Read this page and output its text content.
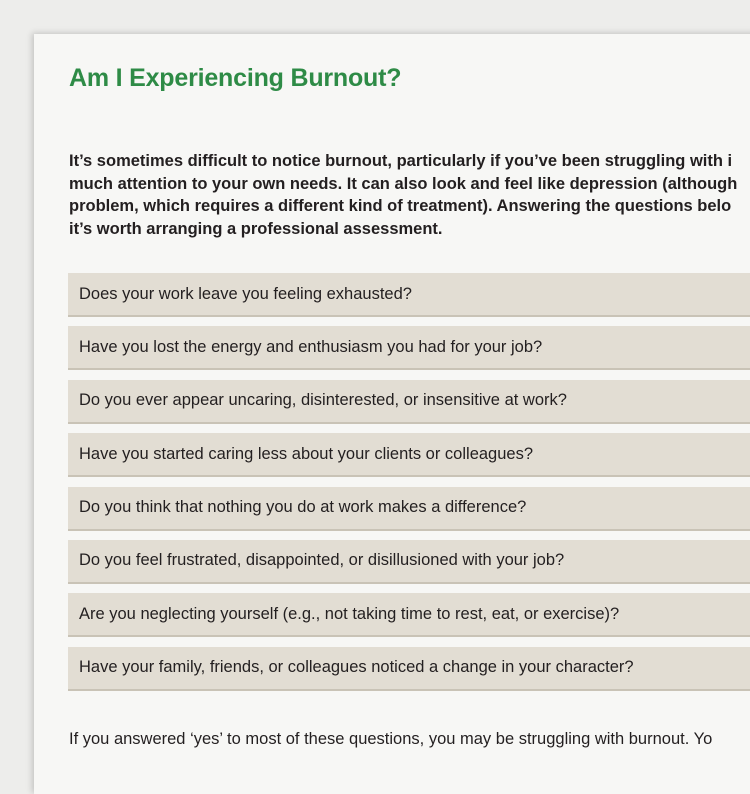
Am I Experiencing Burnout?
It’s sometimes difficult to notice burnout, particularly if you’ve been struggling with i
much attention to your own needs. It can also look and feel like depression (although
problem, which requires a different kind of treatment). Answering the questions belo
it’s worth arranging a professional assessment.
Does your work leave you feeling exhausted?
Have you lost the energy and enthusiasm you had for your job?
Do you ever appear uncaring, disinterested, or insensitive at work?
Have you started caring less about your clients or colleagues?
Do you think that nothing you do at work makes a difference?
Do you feel frustrated, disappointed, or disillusioned with your job?
Are you neglecting yourself (e.g., not taking time to rest, eat, or exercise)?
Have your family, friends, or colleagues noticed a change in your character?
If you answered ‘yes’ to most of these questions, you may be struggling with burnout. Yo
